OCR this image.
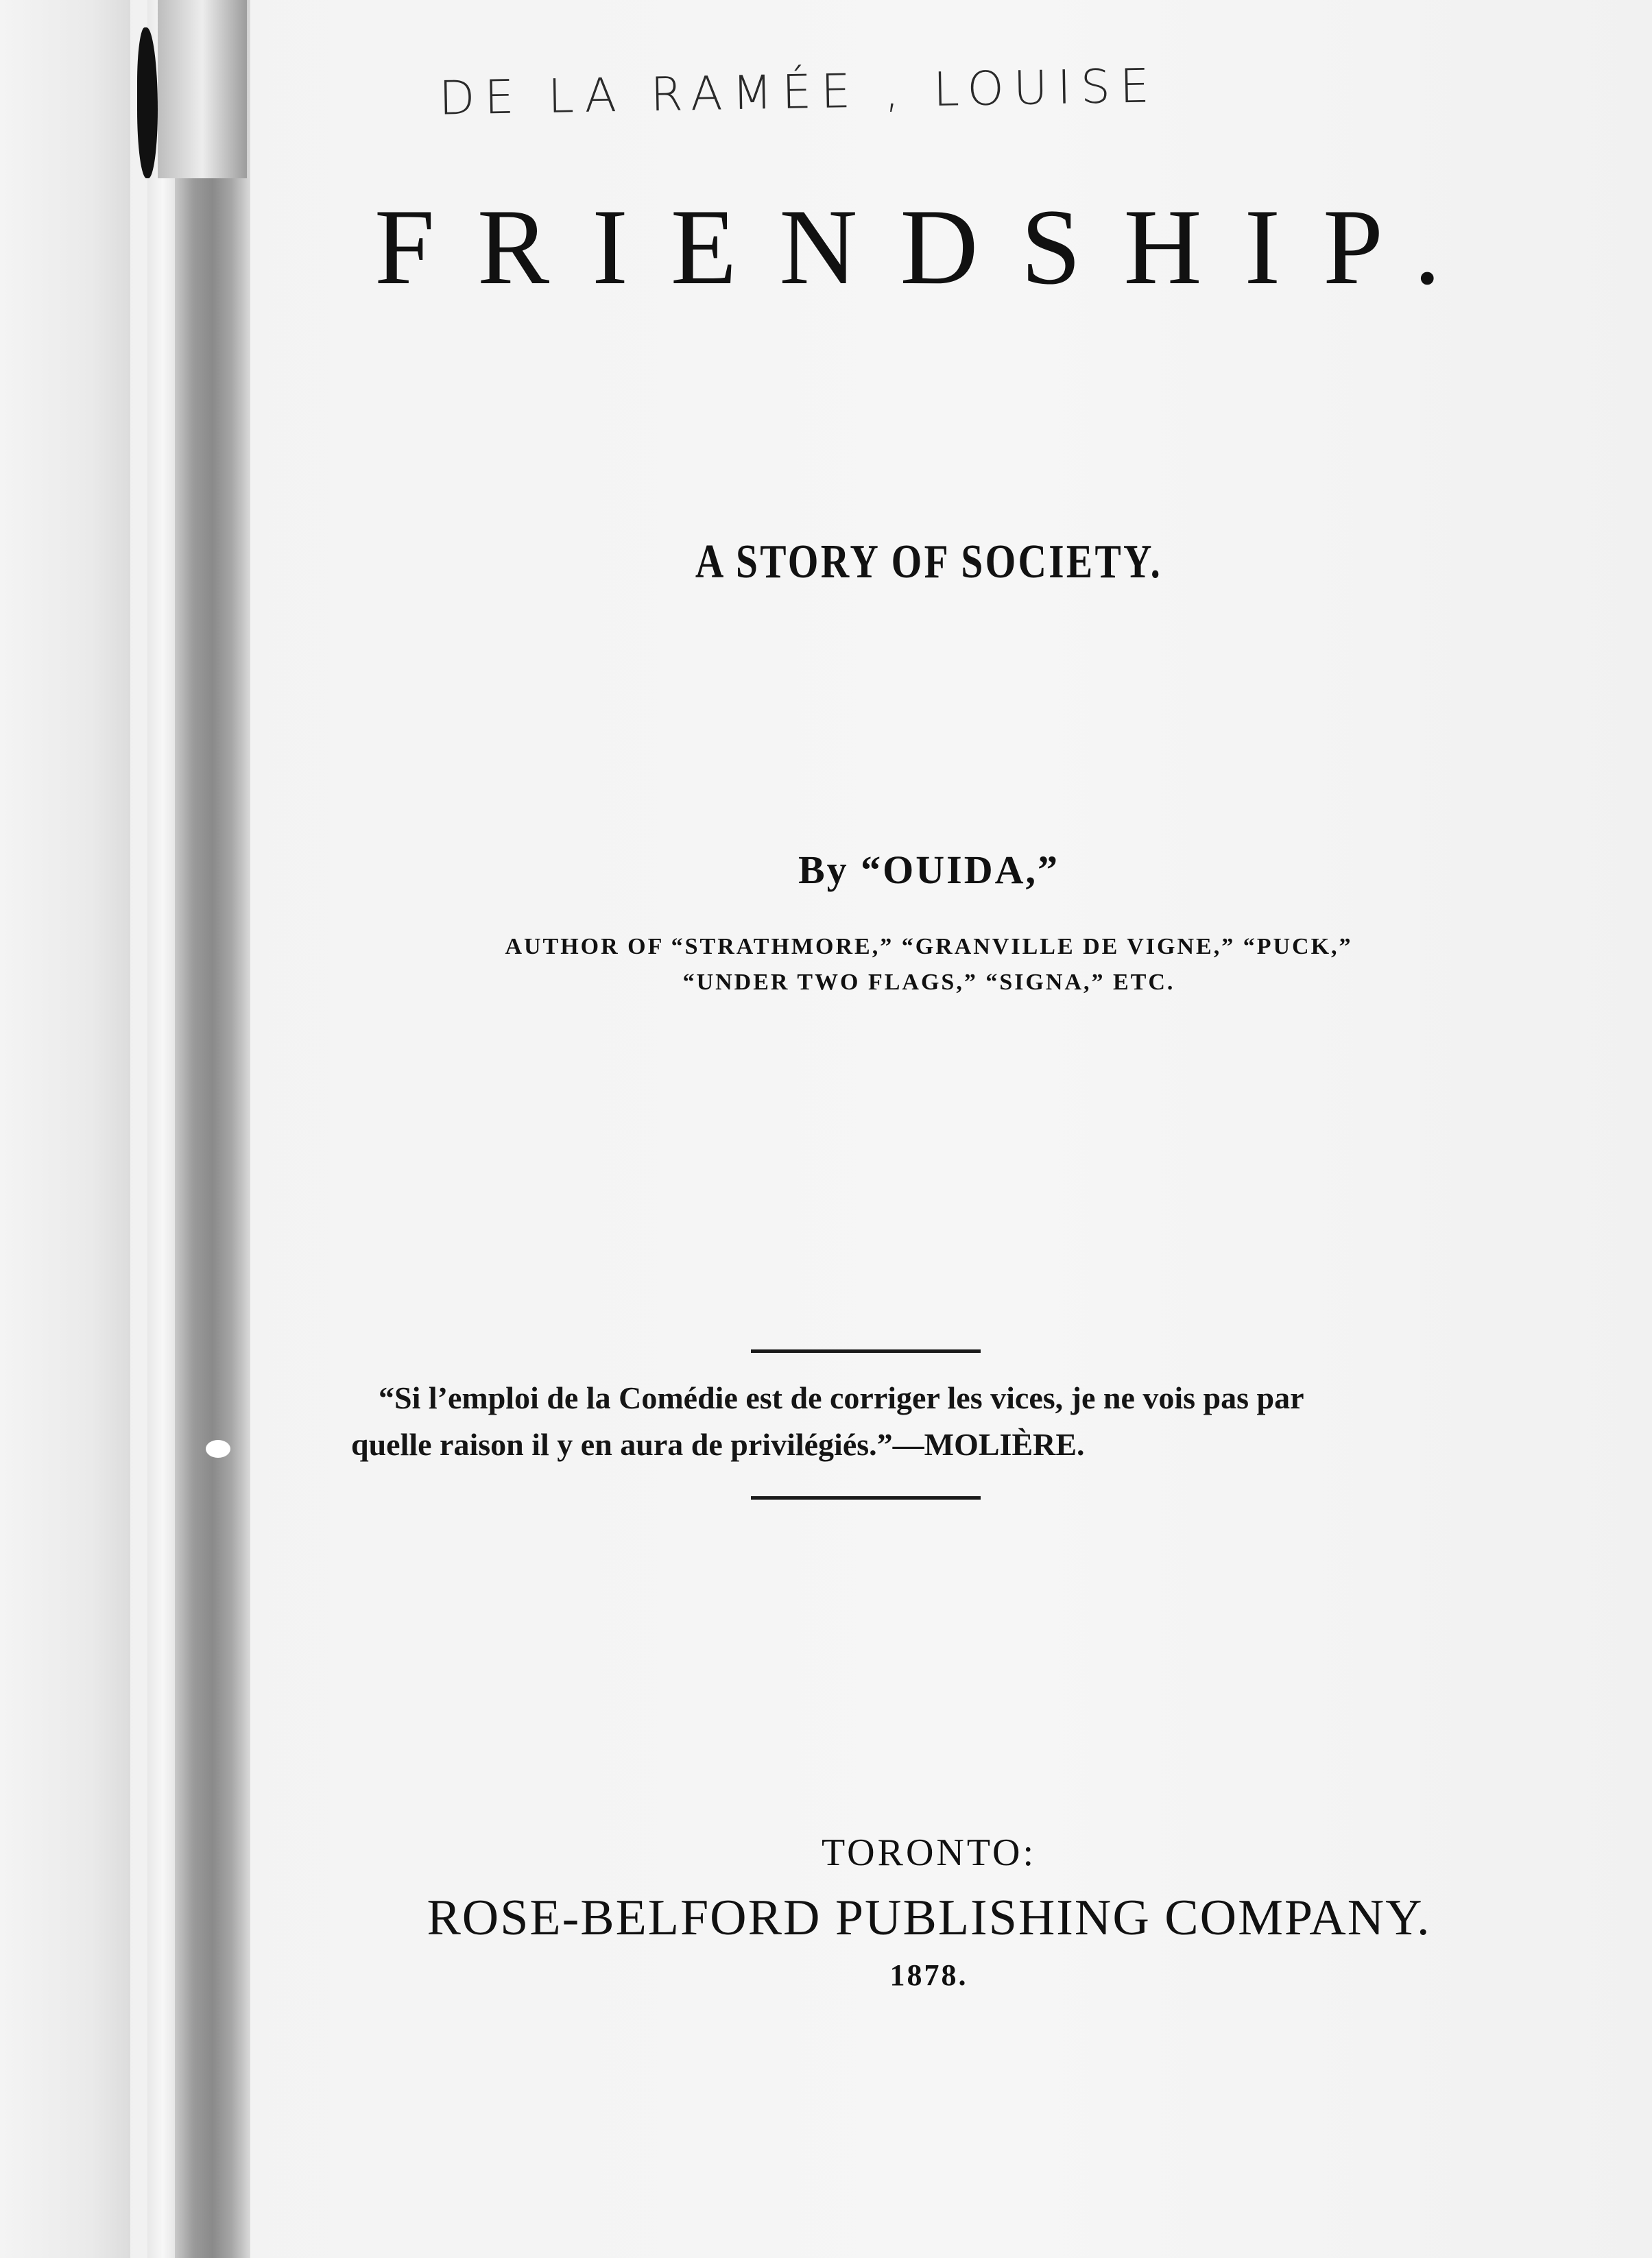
DE LA RAMÉE , LOUISE
FRIENDSHIP.
A STORY OF SOCIETY.
By “OUIDA,”
AUTHOR OF “STRATHMORE,” “GRANVILLE DE VIGNE,” “PUCK,”
“UNDER TWO FLAGS,” “SIGNA,” ETC.
“Si l’emploi de la Comédie est de corriger les vices, je ne vois pas par
quelle raison il y en aura de privilégiés.”—MOLIÈRE.
TORONTO:
ROSE-BELFORD PUBLISHING COMPANY.
1878.
